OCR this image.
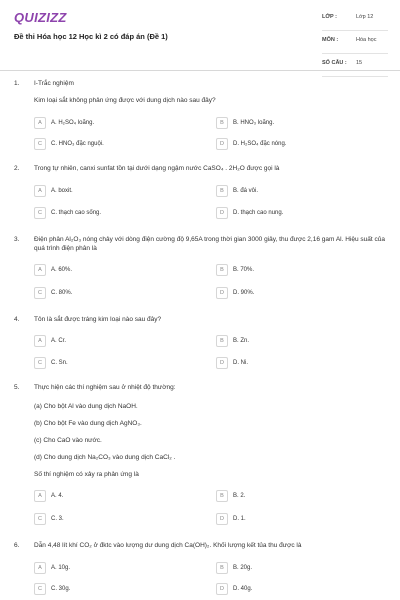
QUIZIZZ
Đề thi Hóa học 12 Học kì 2 có đáp án (Đề 1)
LỚP :	Lớp 12
MÔN :	Hóa học
SỐ CÂU :	15
1. I-Trắc nghiệm
Kim loại sắt không phản ứng được với dung dịch nào sau đây?
A	A. H₂SO₄ loãng.	B	B. HNO₃ loãng.
C	C. HNO₃ đặc nguội.	D	D. H₂SO₄ đặc nóng.
2. Trong tự nhiên, canxi sunfat tồn tại dưới dạng ngậm nước CaSO₄ . 2H₂O được gọi là
A	A. boxit.	B	B. đá vôi.
C	C. thạch cao sống.	D	D. thạch cao nung.
3. Điện phân Al₂O₃ nóng chảy với dòng điện cường độ 9,65A trong thời gian 3000 giây, thu được 2,16 gam Al. Hiệu suất của quá trình điện phân là
A	A. 60%.	B	B. 70%.
C	C. 80%.	D	D. 90%.
4. Tôn là sắt được tráng kim loại nào sau đây?
A	A. Cr.	B	B. Zn.
C	C. Sn.	D	D. Ni.
5. Thực hiện các thí nghiệm sau ở nhiệt độ thường:
(a) Cho bột Al vào dung dịch NaOH.
(b) Cho bột Fe vào dung dịch AgNO₃.
(c) Cho CaO vào nước.
(d) Cho dung dịch Na₂CO₃ vào dung dịch CaCl₂ .
Số thí nghiệm có xảy ra phản ứng là
A	A. 4.	B	B. 2.
C	C. 3.	D	D. 1.
6. Dẫn 4,48 lít khí CO₂ ở đktc vào lượng dư dung dịch Ca(OH)₂. Khối lượng kết tủa thu được là
A	A. 10g.	B	B. 20g.
C	C. 30g.	D	D. 40g.
